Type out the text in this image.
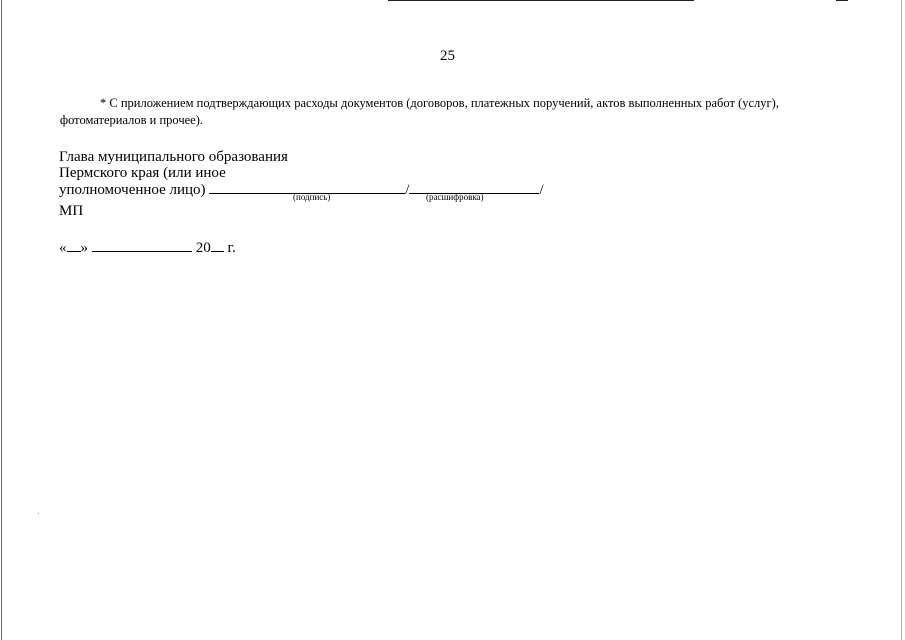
25
* С приложением подтверждающих расходы документов (договоров, платежных поручений, актов выполненных работ (услуг), фотоматериалов и прочее).
Глава муниципального образования
Пермского края (или иное
уполномоченное лицо)	/	/
(подпись)	(расшифровка)
МП
« »	20 г.
